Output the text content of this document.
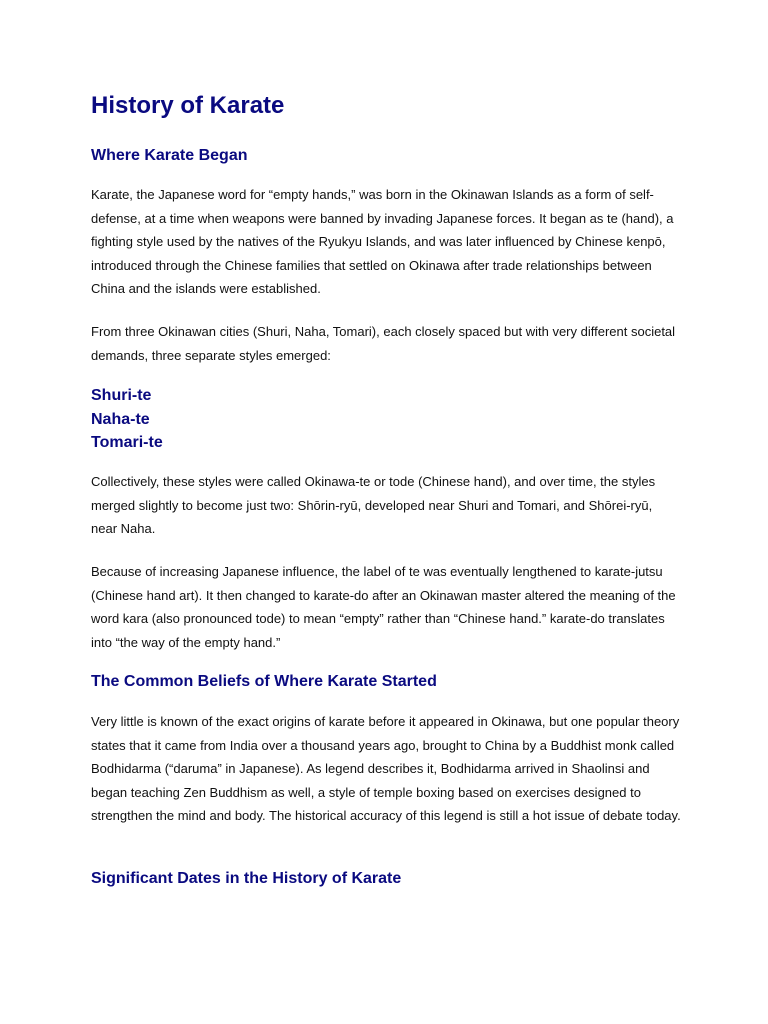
History of Karate
Where Karate Began

Karate, the Japanese word for “empty hands,” was born in the Okinawan Islands as a form of self-defense, at a time when weapons were banned by invading Japanese forces. It began as te (hand), a fighting style used by the natives of the Ryukyu Islands, and was later influenced by Chinese kenpō, introduced through the Chinese families that settled on Okinawa after trade relationships between China and the islands were established.

From three Okinawan cities (Shuri, Naha, Tomari), each closely spaced but with very different societal demands, three separate styles emerged:

Shuri-te
Naha-te
Tomari-te

Collectively, these styles were called Okinawa-te or tode (Chinese hand), and over time, the styles merged slightly to become just two: Shōrin-ryū, developed near Shuri and Tomari, and Shōrei-ryū, near Naha.

Because of increasing Japanese influence, the label of te was eventually lengthened to karate-jutsu (Chinese hand art). It then changed to karate-do after an Okinawan master altered the meaning of the word kara (also pronounced tode) to mean “empty” rather than “Chinese hand.” karate-do translates into “the way of the empty hand.”

The Common Beliefs of Where Karate Started

Very little is known of the exact origins of karate before it appeared in Okinawa, but one popular theory states that it came from India over a thousand years ago, brought to China by a Buddhist monk called Bodhidarma (“daruma” in Japanese). As legend describes it, Bodhidarma arrived in Shaolinsi and began teaching Zen Buddhism as well, a style of temple boxing based on exercises designed to strengthen the mind and body. The historical accuracy of this legend is still a hot issue of debate today.

Significant Dates in the History of Karate
